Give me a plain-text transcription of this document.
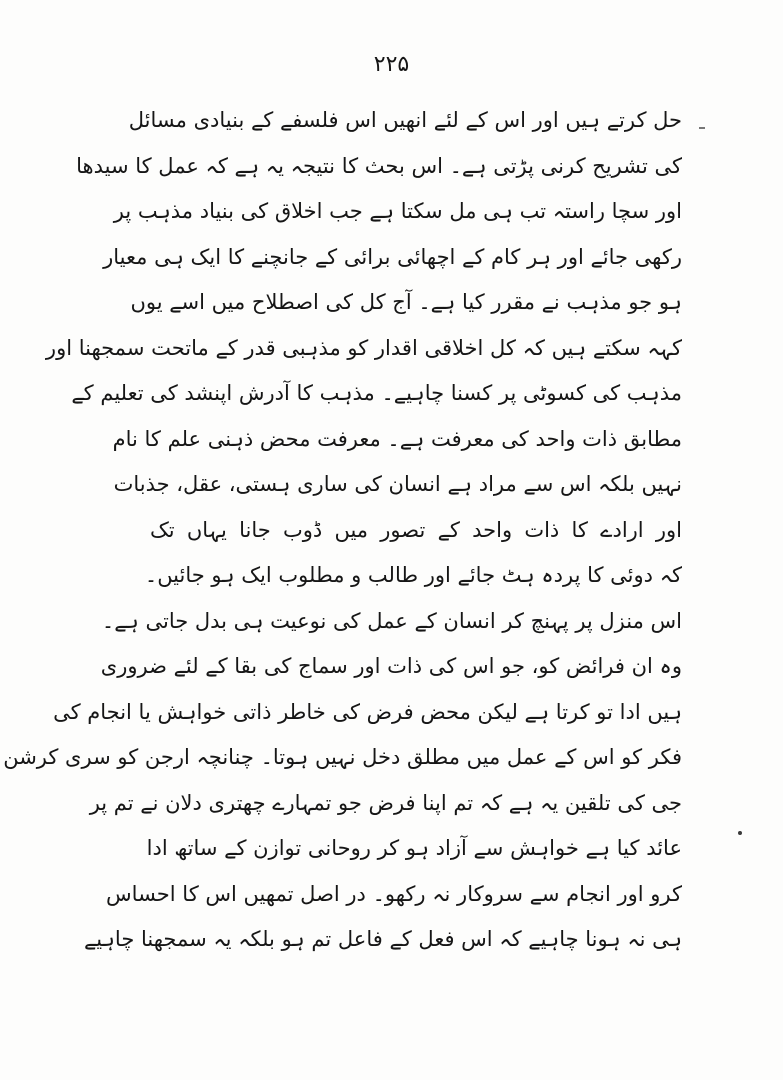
۲۲۵
حل کرتے ہیں اور اس کے لئے انھیں اس فلسفے کے بنیادی مسائل
کی تشریح کرنی پڑتی ہے۔ اس بحث کا نتیجہ یہ ہے کہ عمل کا سیدھا
اور سچا راستہ تب ہی مل سکتا ہے جب اخلاق کی بنیاد مذہب پر
رکھی جائے اور ہر کام کے اچھائی برائی کے جانچنے کا ایک ہی معیار
ہو جو مذہب نے مقرر کیا ہے۔ آج کل کی اصطلاح میں اسے یوں
کہہ سکتے ہیں کہ کل اخلاقی اقدار کو مذہبی قدر کے ماتحت سمجھنا اور
مذہب کی کسوٹی پر کسنا چاہیے۔ مذہب کا آدرش اپنشد کی تعلیم کے
مطابق ذات واحد کی معرفت ہے۔ معرفت محض ذہنی علم کا نام
نہیں بلکہ اس سے مراد ہے انسان کی ساری ہستی، عقل، جذبات
اور ارادے کا ذات واحد کے تصور میں ڈوب جانا یہاں تک
کہ دوئی کا پردہ ہٹ جائے اور طالب و مطلوب ایک ہو جائیں۔
اس منزل پر پہنچ کر انسان کے عمل کی نوعیت ہی بدل جاتی ہے۔
وہ ان فرائض کو، جو اس کی ذات اور سماج کی بقا کے لئے ضروری
ہیں ادا تو کرتا ہے لیکن محض فرض کی خاطر ذاتی خواہش یا انجام کی
فکر کو اس کے عمل میں مطلق دخل نہیں ہوتا۔ چنانچہ ارجن کو سری کرشن
جی کی تلقین یہ ہے کہ تم اپنا فرض جو تمہارے چھتری دلان نے تم پر
عائد کیا ہے خواہش سے آزاد ہو کر روحانی توازن کے ساتھ ادا
کرو اور انجام سے سروکار نہ رکھو۔ در اصل تمھیں اس کا احساس
ہی نہ ہونا چاہیے کہ اس فعل کے فاعل تم ہو بلکہ یہ سمجھنا چاہیے
